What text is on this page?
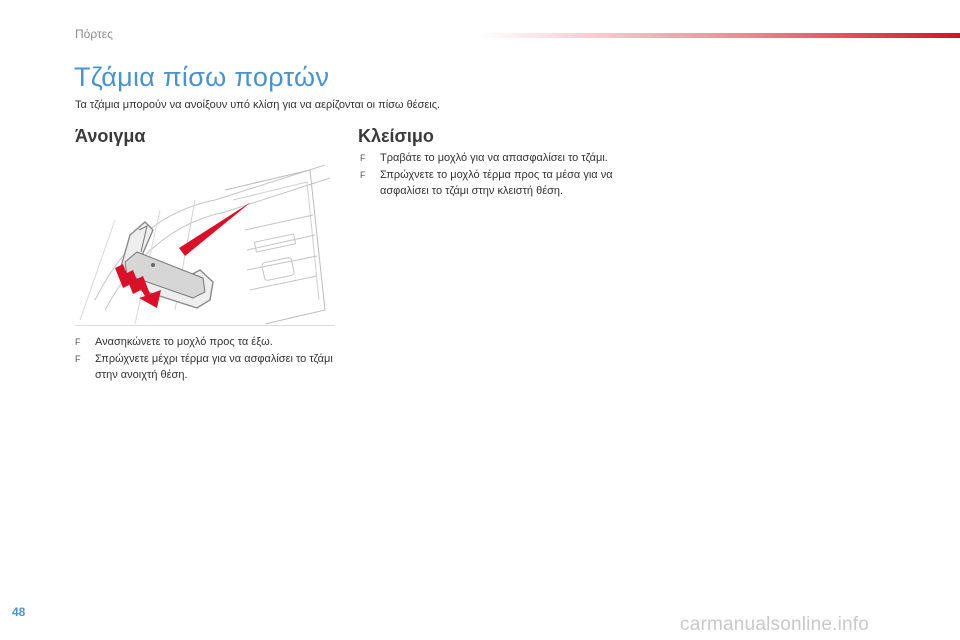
Πόρτες
Τζάμια πίσω πορτών
Τα τζάμια μπορούν να ανοίξουν υπό κλίση για να αερίζονται οι πίσω θέσεις.
Άνοιγμα	Κλείσιμο
F Ανασηκώνετε το μοχλό προς τα έξω.
F Σπρώχνετε μέχρι τέρμα για να ασφαλίσει το τζάμι στην ανοιχτή θέση.
F Τραβάτε το μοχλό για να απασφαλίσει το τζάμι.
F Σπρώχνετε το μοχλό τέρμα προς τα μέσα για να ασφαλίσει το τζάμι στην κλειστή θέση.
48
carmanualsonline.info
